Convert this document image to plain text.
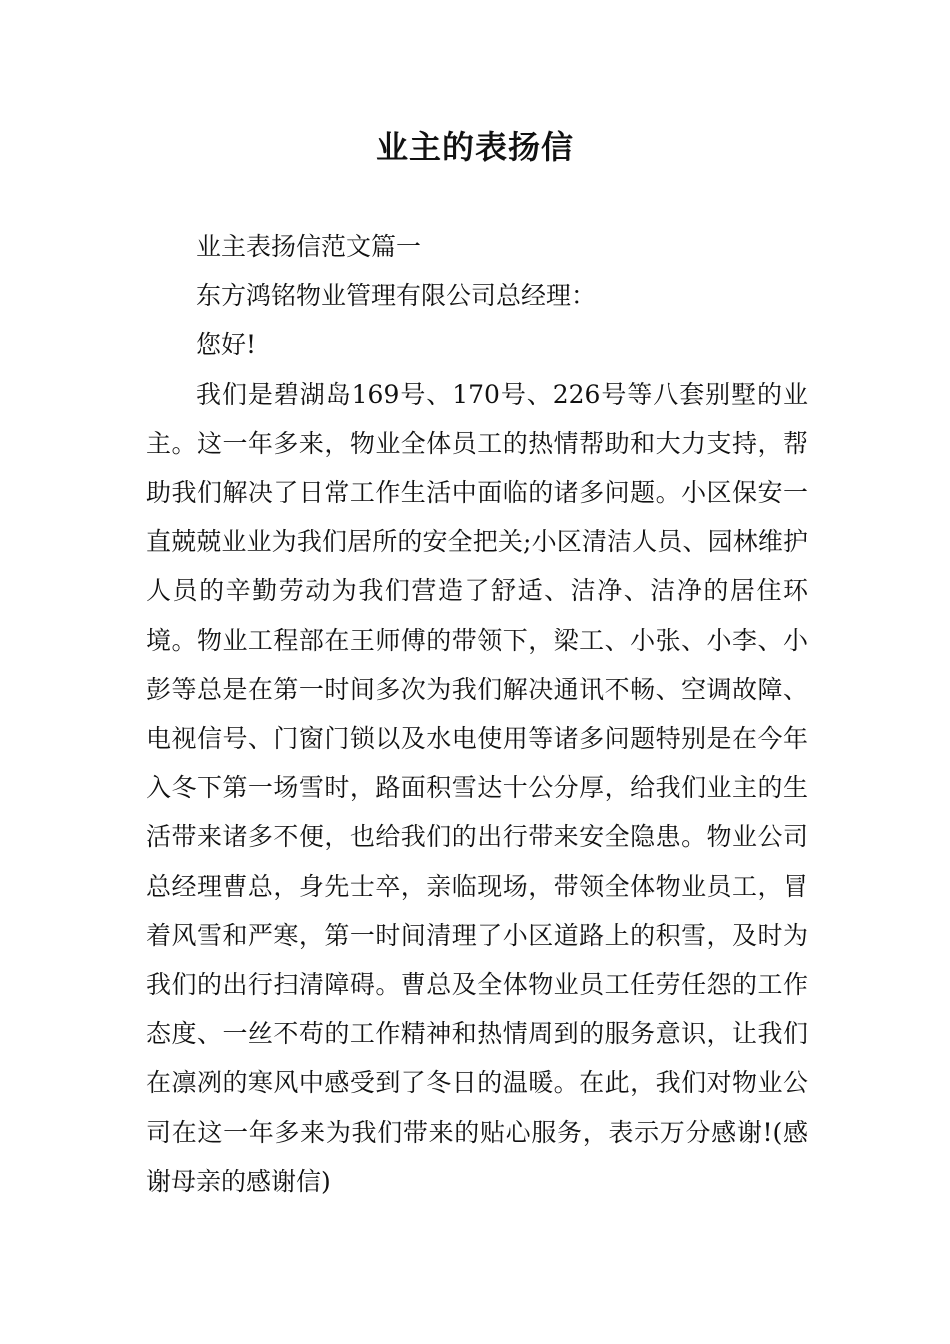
业主的表扬信

业主表扬信范文篇一

东方鸿铭物业管理有限公司总经理：

您好!

我们是碧湖岛169号、170号、226号等八套别墅的业主。这一年多来，物业全体员工的热情帮助和大力支持，帮助我们解决了日常工作生活中面临的诸多问题。小区保安一直兢兢业业为我们居所的安全把关;小区清洁人员、园林维护人员的辛勤劳动为我们营造了舒适、洁净、洁净的居住环境。物业工程部在王师傅的带领下，梁工、小张、小李、小彭等总是在第一时间多次为我们解决通讯不畅、空调故障、电视信号、门窗门锁以及水电使用等诸多问题特别是在今年入冬下第一场雪时，路面积雪达十公分厚，给我们业主的生活带来诸多不便，也给我们的出行带来安全隐患。物业公司总经理曹总，身先士卒，亲临现场，带领全体物业员工，冒着风雪和严寒，第一时间清理了小区道路上的积雪，及时为我们的出行扫清障碍。曹总及全体物业员工任劳任怨的工作态度、一丝不苟的工作精神和热情周到的服务意识，让我们在凛冽的寒风中感受到了冬日的温暖。在此，我们对物业公司在这一年多来为我们带来的贴心服务，表示万分感谢!(感谢母亲的感谢信)
